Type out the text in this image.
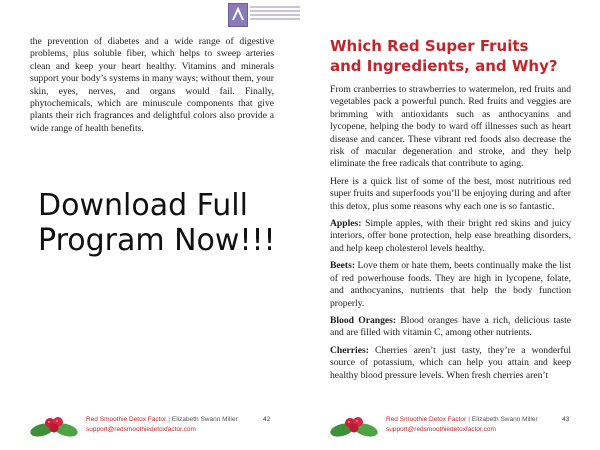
the prevention of diabetes and a wide range of digestive problems, plus soluble fiber, which helps to sweep arteries clean and keep your heart healthy. Vitamins and minerals support your body’s systems in many ways; without them, your skin, eyes, nerves, and organs would fail. Finally, phytochemicals, which are minuscule components that give plants their rich fragrances and delightful colors also provide a wide range of health benefits.

Download Full Program Now!!!

Red Smoothie Detox Factor | Elizabeth Swann Miller	42
support@redsmoothiedetoxfactor.com
Which Red Super Fruits and Ingredients, and Why?

From cranberries to strawberries to watermelon, red fruits and vegetables pack a powerful punch. Red fruits and veggies are brimming with antioxidants such as anthocyanins and lycopene, helping the body to ward off illnesses such as heart disease and cancer. These vibrant red foods also decrease the risk of macular degeneration and stroke, and they help eliminate the free radicals that contribute to aging.

Here is a quick list of some of the best, most nutritious red super fruits and superfoods you’ll be enjoying during and after this detox, plus some reasons why each one is so fantastic.

Apples: Simple apples, with their bright red skins and juicy interiors, offer bone protection, help ease breathing disorders, and help keep cholesterol levels healthy.

Beets: Love them or hate them, beets continually make the list of red powerhouse foods. They are high in lycopene, folate, and anthocyanins, nutrients that help the body function properly.

Blood Oranges: Blood oranges have a rich, delicious taste and are filled with vitamin C, among other nutrients.

Cherries: Cherries aren’t just tasty, they’re a wonderful source of potassium, which can help you attain and keep healthy blood pressure levels. When fresh cherries aren’t

Red Smoothie Detox Factor | Elizabeth Swann Miller	43
support@redsmoothiedetoxfactor.com
